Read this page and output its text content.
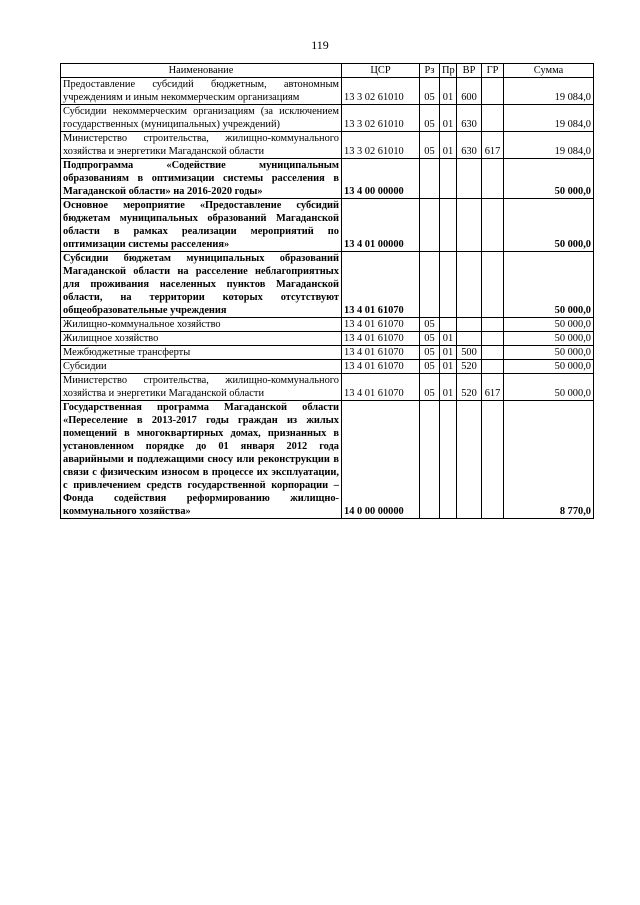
119
Наименование	ЦСР	Рз	Пр	ВР	ГР	Сумма
Предоставление субсидий бюджетным, автономным учреждениям и иным некоммерческим организациям	13 3 02 61010	05	01	600		19 084,0
Субсидии некоммерческим организациям (за исключением государственных (муниципальных) учреждений)	13 3 02 61010	05	01	630		19 084,0
Министерство строительства, жилищно-коммунального хозяйства и энергетики Магаданской области	13 3 02 61010	05	01	630	617	19 084,0
Подпрограмма «Содействие муниципальным образованиям в оптимизации системы расселения в Магаданской области» на 2016-2020 годы»	13 4 00 00000					50 000,0
Основное мероприятие «Предоставление субсидий бюджетам муниципальных образований Магаданской области в рамках реализации мероприятий по оптимизации системы расселения»	13 4 01 00000					50 000,0
Субсидии бюджетам муниципальных образований Магаданской области на расселение неблагоприятных для проживания населенных пунктов Магаданской области, на территории которых отсутствуют общеобразовательные учреждения	13 4 01 61070					50 000,0
Жилищно-коммунальное хозяйство	13 4 01 61070	05				50 000,0
Жилищное хозяйство	13 4 01 61070	05	01			50 000,0
Межбюджетные трансферты	13 4 01 61070	05	01	500		50 000,0
Субсидии	13 4 01 61070	05	01	520		50 000,0
Министерство строительства, жилищно-коммунального хозяйства и энергетики Магаданской области	13 4 01 61070	05	01	520	617	50 000,0
Государственная программа Магаданской области «Переселение в 2013-2017 годы граждан из жилых помещений в многоквартирных домах, признанных в установленном порядке до 01 января 2012 года аварийными и подлежащими сносу или реконструкции в связи с физическим износом в процессе их эксплуатации, с привлечением средств государственной корпорации – Фонда содействия реформированию жилищно-коммунального хозяйства»	14 0 00 00000					8 770,0
